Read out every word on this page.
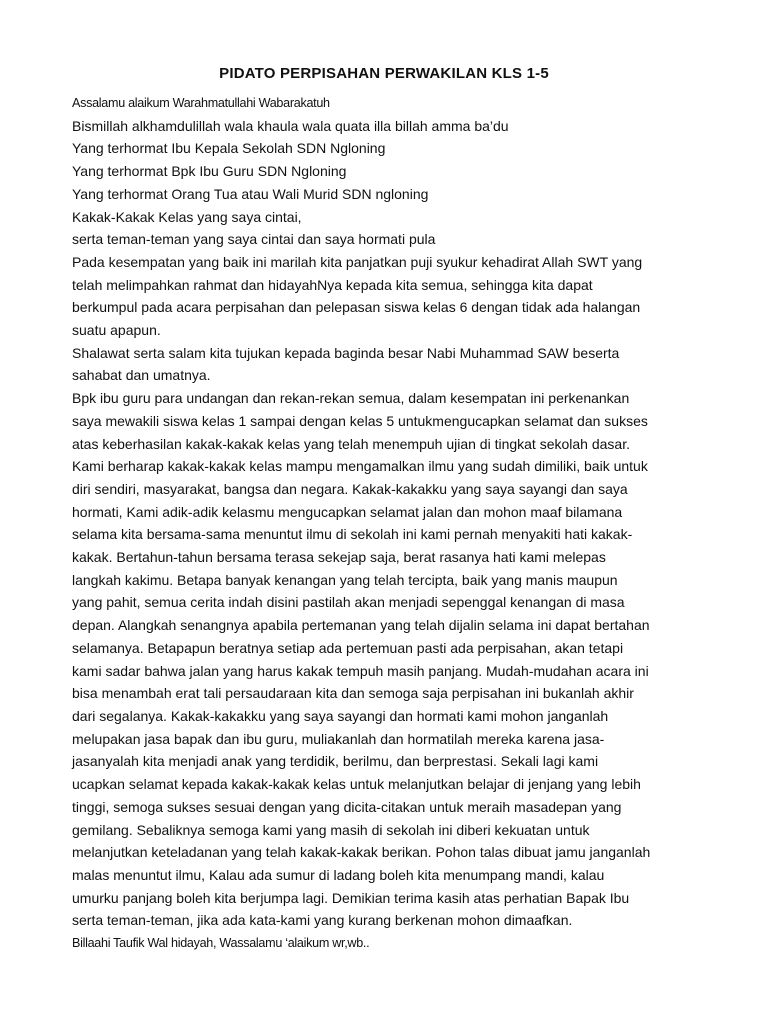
PIDATO PERPISAHAN PERWAKILAN KLS 1-5
Assalamu alaikum Warahmatullahi Wabarakatuh
Bismillah alkhamdulillah wala khaula wala quata illa billah amma ba’du
Yang terhormat Ibu Kepala Sekolah SDN Ngloning
Yang terhormat Bpk Ibu Guru SDN Ngloning
Yang terhormat Orang Tua atau Wali Murid SDN ngloning
Kakak-Kakak Kelas yang saya cintai,
serta teman-teman yang saya cintai dan saya hormati pula
Pada kesempatan yang baik ini marilah kita panjatkan puji syukur kehadirat Allah SWT yang
telah melimpahkan rahmat dan hidayahNya kepada kita semua, sehingga kita dapat
berkumpul pada acara perpisahan dan pelepasan siswa kelas 6 dengan tidak ada halangan
suatu apapun.
Shalawat serta salam kita tujukan kepada baginda besar Nabi Muhammad SAW beserta
sahabat dan umatnya.
Bpk ibu guru para undangan dan rekan-rekan semua, dalam kesempatan ini perkenankan
saya mewakili siswa kelas 1 sampai dengan kelas 5 untukmengucapkan selamat dan sukses
atas keberhasilan kakak-kakak kelas yang telah menempuh ujian di tingkat sekolah dasar.
Kami berharap kakak-kakak kelas mampu mengamalkan ilmu yang sudah dimiliki, baik untuk
diri sendiri, masyarakat, bangsa dan negara. Kakak-kakakku yang saya sayangi dan saya
hormati, Kami adik-adik kelasmu mengucapkan selamat jalan dan mohon maaf bilamana
selama kita bersama-sama menuntut ilmu di sekolah ini kami pernah menyakiti hati kakak-
kakak. Bertahun-tahun bersama terasa sekejap saja, berat rasanya hati kami melepas
langkah kakimu. Betapa banyak kenangan yang telah tercipta, baik yang manis maupun
yang pahit, semua cerita indah disini pastilah akan menjadi sepenggal kenangan di masa
depan. Alangkah senangnya apabila pertemanan yang telah dijalin selama ini dapat bertahan
selamanya. Betapapun beratnya setiap ada pertemuan pasti ada perpisahan, akan tetapi
kami sadar bahwa jalan yang harus kakak tempuh masih panjang. Mudah-mudahan acara ini
bisa menambah erat tali persaudaraan kita dan semoga saja perpisahan ini bukanlah akhir
dari segalanya. Kakak-kakakku yang saya sayangi dan hormati kami mohon janganlah
melupakan jasa bapak dan ibu guru, muliakanlah dan hormatilah mereka karena jasa-
jasanyalah kita menjadi anak yang terdidik, berilmu, dan berprestasi. Sekali lagi kami
ucapkan selamat kepada kakak-kakak kelas untuk melanjutkan belajar di jenjang yang lebih
tinggi, semoga sukses sesuai dengan yang dicita-citakan untuk meraih masadepan yang
gemilang. Sebaliknya semoga kami yang masih di sekolah ini diberi kekuatan untuk
melanjutkan keteladanan yang telah kakak-kakak berikan. Pohon talas dibuat jamu janganlah
malas menuntut ilmu, Kalau ada sumur di ladang boleh kita menumpang mandi, kalau
umurku panjang boleh kita berjumpa lagi. Demikian terima kasih atas perhatian Bapak Ibu
serta teman-teman, jika ada kata-kami yang kurang berkenan mohon dimaafkan.
Billaahi Taufik Wal hidayah, Wassalamu ‘alaikum wr,wb..
